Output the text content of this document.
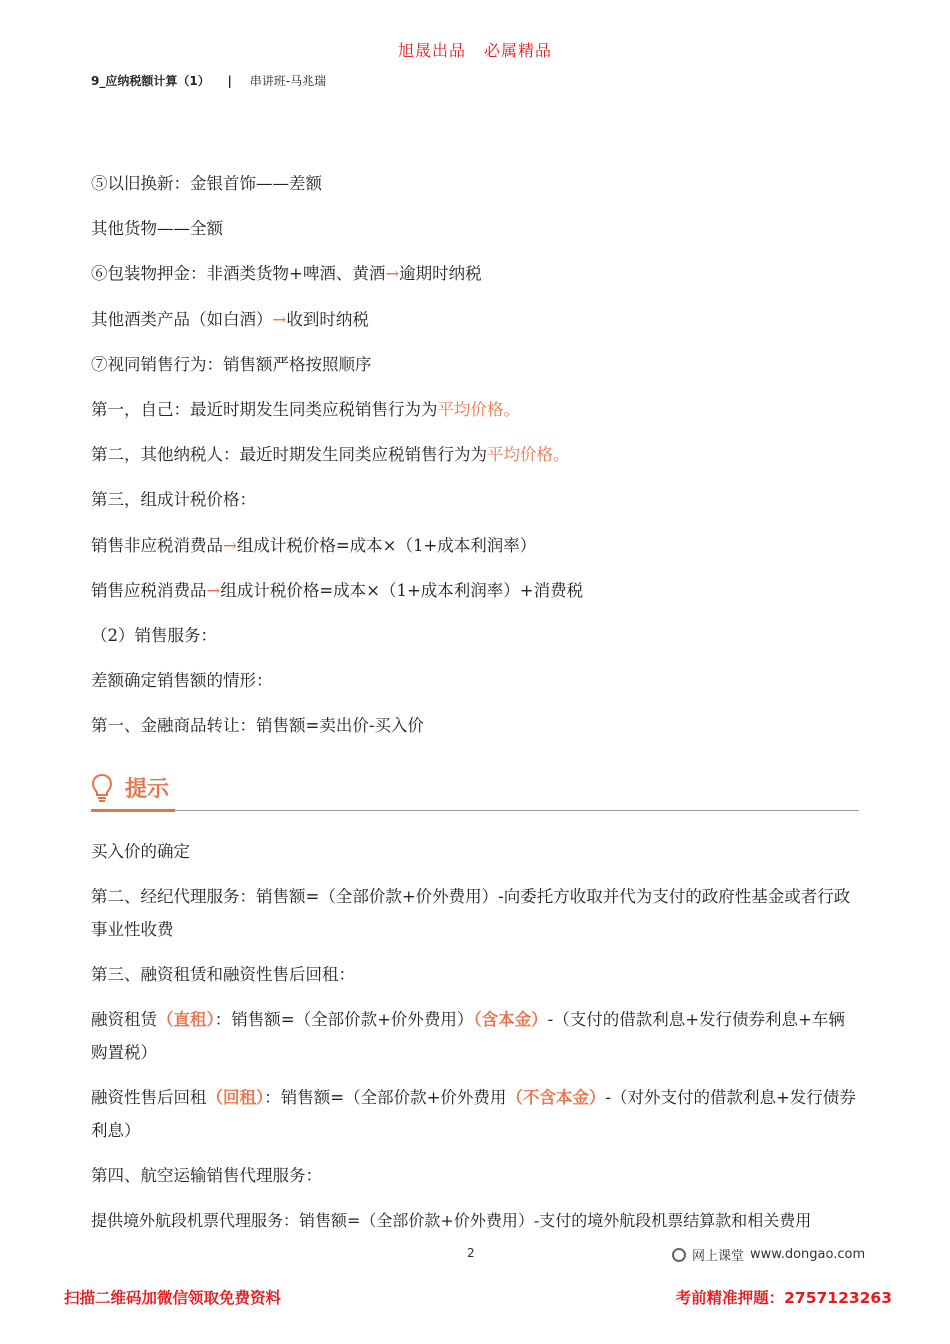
旭晟出品 必属精品
9_应纳税额计算（1） | 串讲班-马兆瑞
⑤以旧换新：金银首饰——差额
其他货物——全额
⑥包装物押金：非酒类货物+啤酒、黄酒→逾期时纳税
其他酒类产品（如白酒）→收到时纳税
⑦视同销售行为：销售额严格按照顺序
第一，自己：最近时期发生同类应税销售行为为平均价格。
第二，其他纳税人：最近时期发生同类应税销售行为为平均价格。
第三，组成计税价格：
销售非应税消费品→组成计税价格=成本×（1+成本利润率）
销售应税消费品→组成计税价格=成本×（1+成本利润率）+消费税
（2）销售服务：
差额确定销售额的情形：
第一、金融商品转让：销售额=卖出价-买入价
提示
买入价的确定
第二、经纪代理服务：销售额=（全部价款+价外费用）-向委托方收取并代为支付的政府性基金或者行政事业性收费
第三、融资租赁和融资性售后回租：
融资租赁（直租）：销售额=（全部价款+价外费用）（含本金）-（支付的借款利息+发行债券利息+车辆购置税）
融资性售后回租（回租）：销售额=（全部价款+价外费用（不含本金）-（对外支付的借款利息+发行债券利息）
第四、航空运输销售代理服务：
提供境外航段机票代理服务：销售额=（全部价款+价外费用）-支付的境外航段机票结算款和相关费用
2	网上课堂 www.dongao.com
扫描二维码加微信领取免费资料	考前精准押题：2757123263
